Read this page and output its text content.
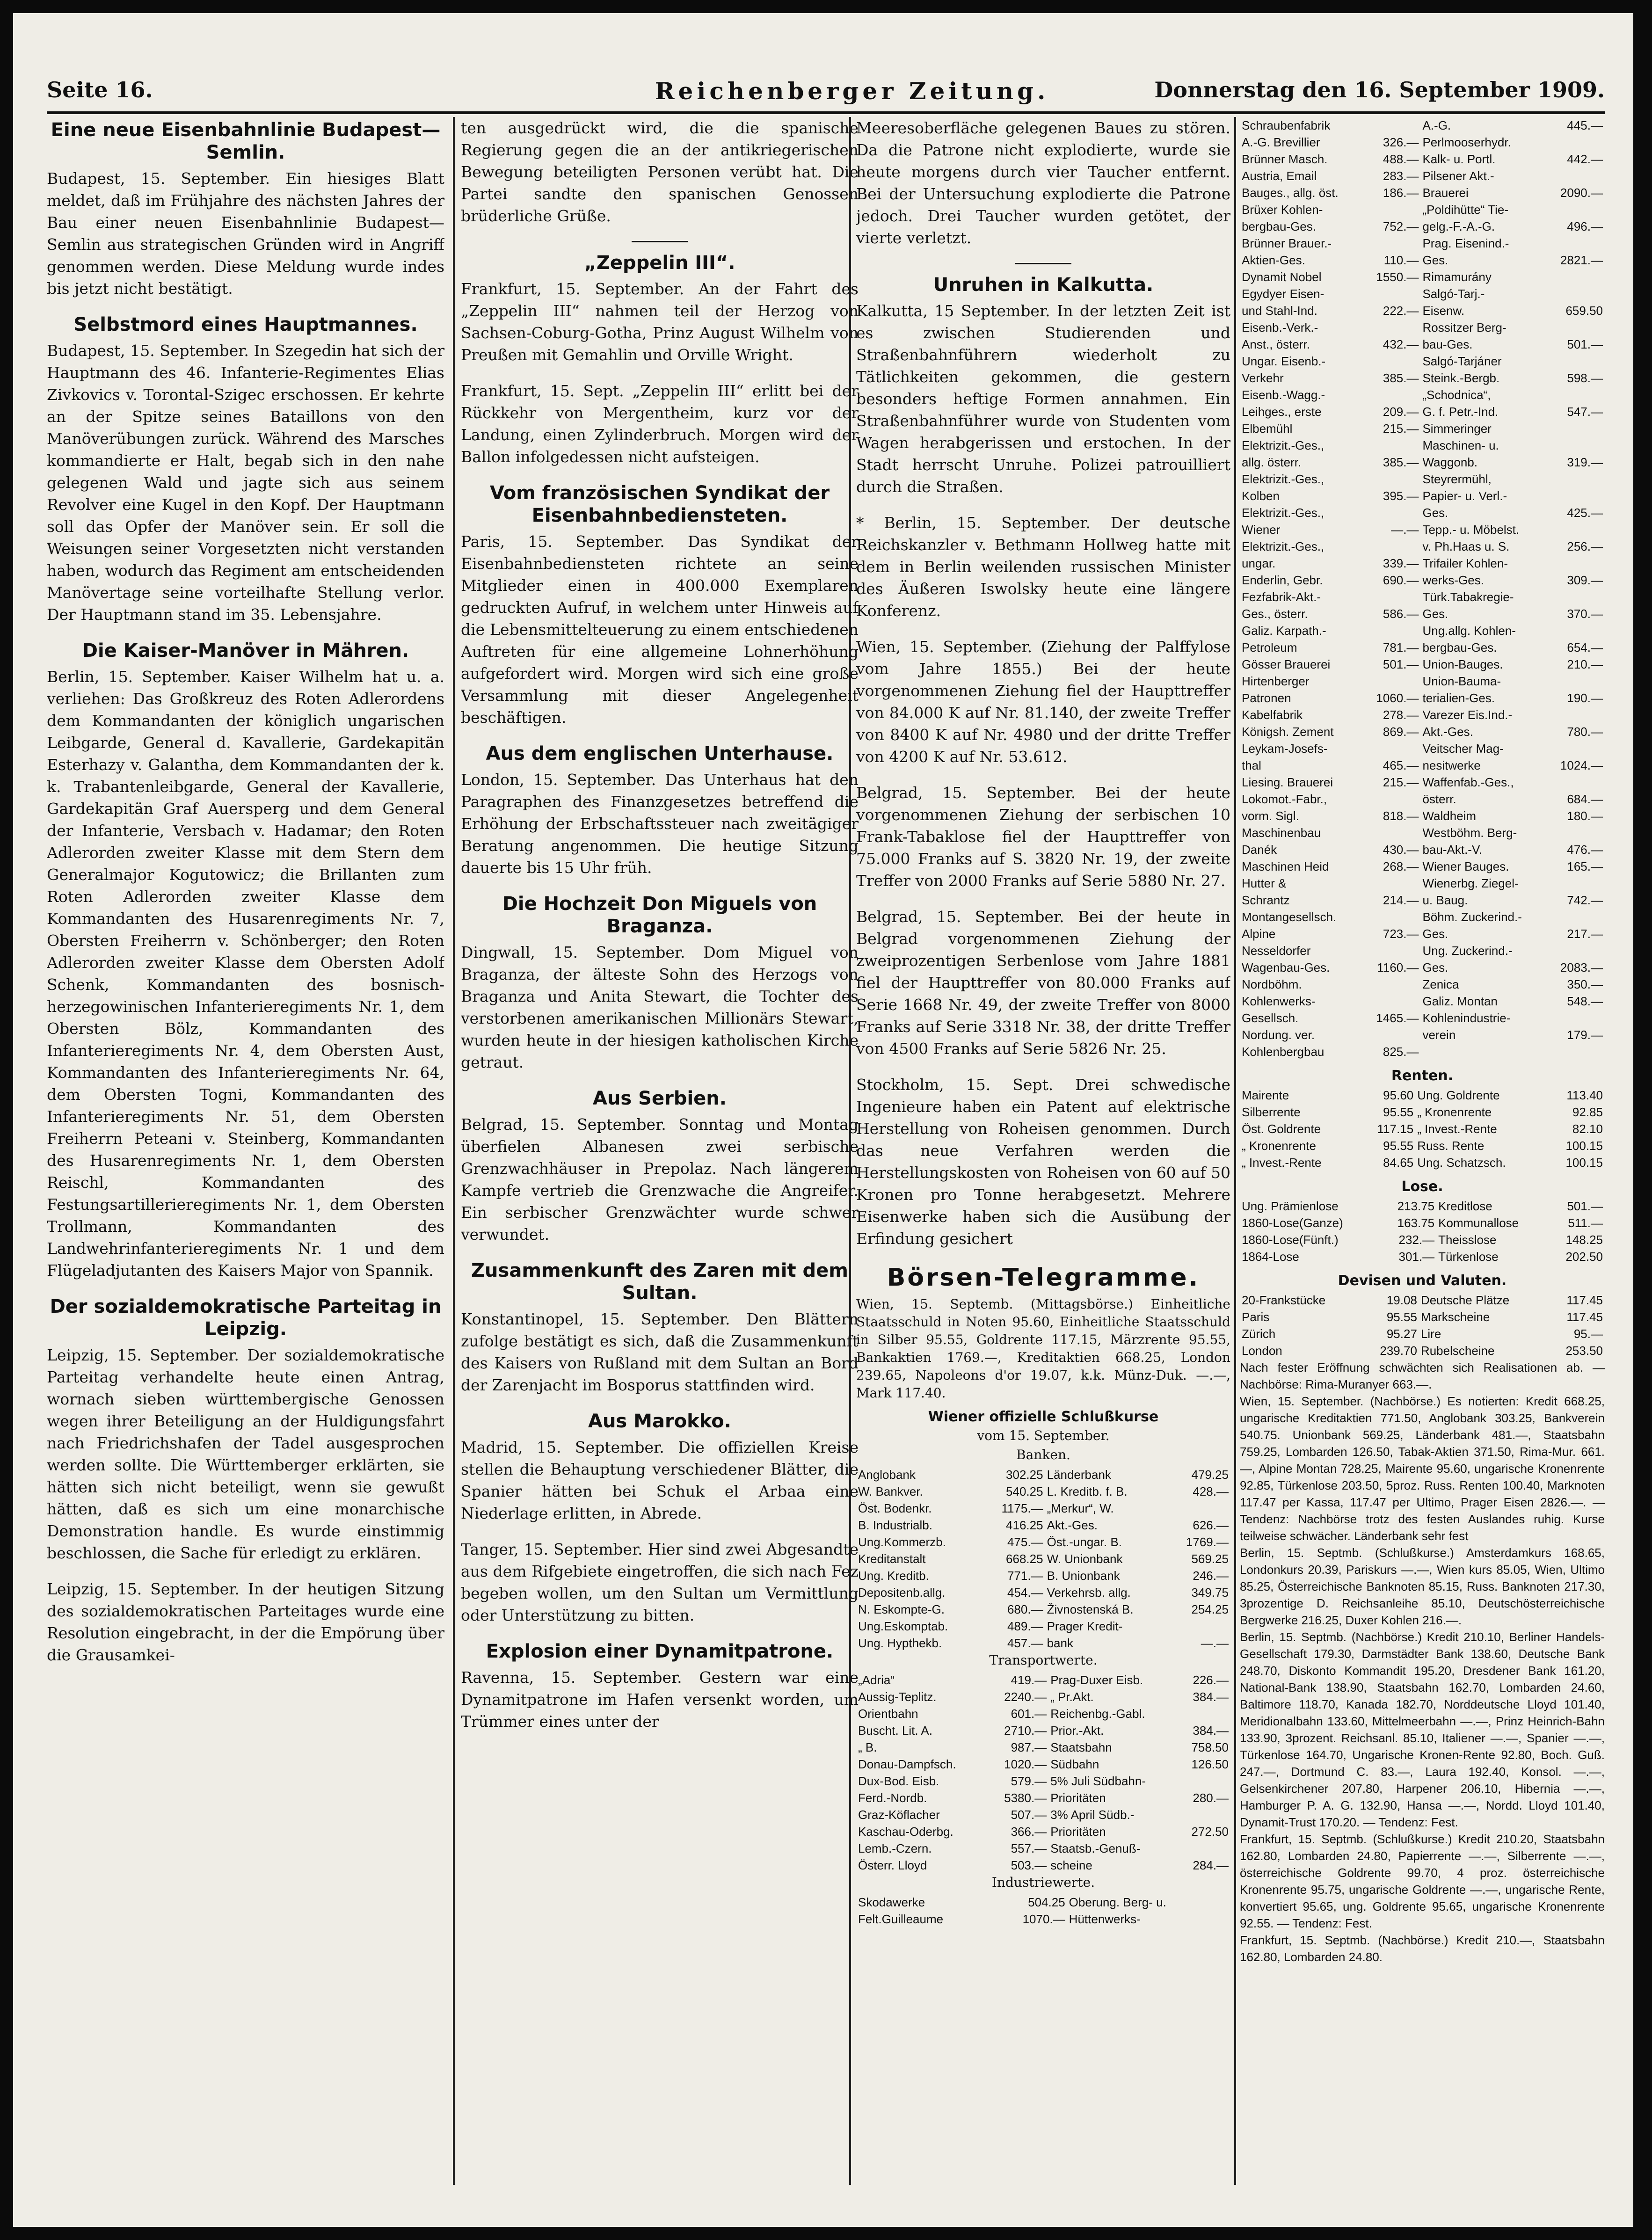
Seite 16.	Reichenberger Zeitung.	Donnerstag den 16. September 1909.
Eine neue Eisenbahnlinie Budapest—Semlin.

Budapest, 15. September. Ein hiesiges Blatt meldet, daß im Frühjahre des nächsten Jahres der Bau einer neuen Eisenbahnlinie Budapest—Semlin aus strategischen Gründen wird in Angriff genommen werden. Diese Meldung wurde indes bis jetzt nicht bestätigt.

Selbstmord eines Hauptmannes.

Budapest, 15. September. In Szegedin hat sich der Hauptmann des 46. Infanterie-Regimentes Elias Zivkovics v. Torontal-Szigec erschossen. Er kehrte an der Spitze seines Bataillons von den Manöverübungen zurück. Während des Marsches kommandierte er Halt, begab sich in den nahe gelegenen Wald und jagte sich aus seinem Revolver eine Kugel in den Kopf. Der Hauptmann soll das Opfer der Manöver sein. Er soll die Weisungen seiner Vorgesetzten nicht verstanden haben, wodurch das Regiment am entscheidenden Manövertage seine vorteilhafte Stellung verlor. Der Hauptmann stand im 35. Lebensjahre.

Die Kaiser-Manöver in Mähren.

Berlin, 15. September. Kaiser Wilhelm hat u. a. verliehen: Das Großkreuz des Roten Adlerordens dem Kommandanten der königlich ungarischen Leibgarde, General d. Kavallerie, Gardekapitän Esterhazy v. Galantha, dem Kommandanten der k. k. Trabantenleibgarde, General der Kavallerie, Gardekapitän Graf Auersperg und dem General der Infanterie, Versbach v. Hadamar; den Roten Adlerorden zweiter Klasse mit dem Stern dem Generalmajor Kogutowicz; die Brillanten zum Roten Adlerorden zweiter Klasse dem Kommandanten des Husarenregiments Nr. 7, Obersten Freiherrn v. Schönberger; den Roten Adlerorden zweiter Klasse dem Obersten Adolf Schenk, Kommandanten des bosnisch-herzegowinischen Infanterieregiments Nr. 1, dem Obersten Bölz, Kommandanten des Infanterieregiments Nr. 4, dem Obersten Aust, Kommandanten des Infanterieregiments Nr. 64, dem Obersten Togni, Kommandanten des Infanterieregiments Nr. 51, dem Obersten Freiherrn Peteani v. Steinberg, Kommandanten des Husarenregiments Nr. 1, dem Obersten Reischl, Kommandanten des Festungsartillerieregiments Nr. 1, dem Obersten Trollmann, Kommandanten des Landwehrinfanterieregiments Nr. 1 und dem Flügeladjutanten des Kaisers Major von Spannik.

Der sozialdemokratische Parteitag in Leipzig.

Leipzig, 15. September. Der sozialdemokratische Parteitag verhandelte heute einen Antrag, wornach sieben württembergische Genossen wegen ihrer Beteiligung an der Huldigungsfahrt nach Friedrichshafen der Tadel ausgesprochen werden sollte. Die Württemberger erklärten, sie hätten sich nicht beteiligt, wenn sie gewußt hätten, daß es sich um eine monarchische Demonstration handle. Es wurde einstimmig beschlossen, die Sache für erledigt zu erklären.

Leipzig, 15. September. In der heutigen Sitzung des sozialdemokratischen Parteitages wurde eine Resolution eingebracht, in der die Empörung über die Grausamkei-

ten ausgedrückt wird, die die spanische Regierung gegen die an der antikriegerischen Bewegung beteiligten Personen verübt hat. Die Partei sandte den spanischen Genossen brüderliche Grüße.

„Zeppelin III“.

Frankfurt, 15. September. An der Fahrt des „Zeppelin III“ nahmen teil der Herzog von Sachsen-Coburg-Gotha, Prinz August Wilhelm von Preußen mit Gemahlin und Orville Wright.

Frankfurt, 15. Sept. „Zeppelin III“ erlitt bei der Rückkehr von Mergentheim, kurz vor der Landung, einen Zylinderbruch. Morgen wird der Ballon infolgedessen nicht aufsteigen.

Vom französischen Syndikat der Eisenbahnbediensteten.

Paris, 15. September. Das Syndikat der Eisenbahnbediensteten richtete an seine Mitglieder einen in 400.000 Exemplaren gedruckten Aufruf, in welchem unter Hinweis auf die Lebensmittelteuerung zu einem entschiedenen Auftreten für eine allgemeine Lohnerhöhung aufgefordert wird. Morgen wird sich eine große Versammlung mit dieser Angelegenheit beschäftigen.

Aus dem englischen Unterhause.

London, 15. September. Das Unterhaus hat den Paragraphen des Finanzgesetzes betreffend die Erhöhung der Erbschaftssteuer nach zweitägiger Beratung angenommen. Die heutige Sitzung dauerte bis 15 Uhr früh.

Die Hochzeit Don Miguels von Braganza.

Dingwall, 15. September. Dom Miguel von Braganza, der älteste Sohn des Herzogs von Braganza und Anita Stewart, die Tochter des verstorbenen amerikanischen Millionärs Stewart, wurden heute in der hiesigen katholischen Kirche getraut.

Aus Serbien.

Belgrad, 15. September. Sonntag und Montag überfielen Albanesen zwei serbische Grenzwachhäuser in Prepolaz. Nach längerem Kampfe vertrieb die Grenzwache die Angreifer. Ein serbischer Grenzwächter wurde schwer verwundet.

Zusammenkunft des Zaren mit dem Sultan.

Konstantinopel, 15. September. Den Blättern zufolge bestätigt es sich, daß die Zusammenkunft des Kaisers von Rußland mit dem Sultan an Bord der Zarenjacht im Bosporus stattfinden wird.

Aus Marokko.

Madrid, 15. September. Die offiziellen Kreise stellen die Behauptung verschiedener Blätter, die Spanier hätten bei Schuk el Arbaa eine Niederlage erlitten, in Abrede.

Tanger, 15. September. Hier sind zwei Abgesandte aus dem Rifgebiete eingetroffen, die sich nach Fez begeben wollen, um den Sultan um Vermittlung oder Unterstützung zu bitten.

Explosion einer Dynamitpatrone.

Ravenna, 15. September. Gestern war eine Dynamitpatrone im Hafen versenkt worden, um Trümmer eines unter der

Meeresoberfläche gelegenen Baues zu stören. Da die Patrone nicht explodierte, wurde sie heute morgens durch vier Taucher entfernt. Bei der Untersuchung explodierte die Patrone jedoch. Drei Taucher wurden getötet, der vierte verletzt.

Unruhen in Kalkutta.

Kalkutta, 15 September. In der letzten Zeit ist es zwischen Studierenden und Straßenbahnführern wiederholt zu Tätlichkeiten gekommen, die gestern besonders heftige Formen annahmen. Ein Straßenbahnführer wurde von Studenten vom Wagen herabgerissen und erstochen. In der Stadt herrscht Unruhe. Polizei patrouilliert durch die Straßen.

* Berlin, 15. September. Der deutsche Reichskanzler v. Bethmann Hollweg hatte mit dem in Berlin weilenden russischen Minister des Äußeren Iswolsky heute eine längere Konferenz.

Wien, 15. September. (Ziehung der Palffylose vom Jahre 1855.) Bei der heute vorgenommenen Ziehung fiel der Haupttreffer von 84.000 K auf Nr. 81.140, der zweite Treffer von 8400 K auf Nr. 4980 und der dritte Treffer von 4200 K auf Nr. 53.612.

Belgrad, 15. September. Bei der heute vorgenommenen Ziehung der serbischen 10 Frank-Tabaklose fiel der Haupttreffer von 75.000 Franks auf S. 3820 Nr. 19, der zweite Treffer von 2000 Franks auf Serie 5880 Nr. 27.

Belgrad, 15. September. Bei der heute in Belgrad vorgenommenen Ziehung der zweiprozentigen Serbenlose vom Jahre 1881 fiel der Haupttreffer von 80.000 Franks auf Serie 1668 Nr. 49, der zweite Treffer von 8000 Franks auf Serie 3318 Nr. 38, der dritte Treffer von 4500 Franks auf Serie 5826 Nr. 25.

Stockholm, 15. Sept. Drei schwedische Ingenieure haben ein Patent auf elektrische Herstellung von Roheisen genommen. Durch das neue Verfahren werden die Herstellungskosten von Roheisen von 60 auf 50 Kronen pro Tonne herabgesetzt. Mehrere Eisenwerke haben sich die Ausübung der Erfindung gesichert

Börsen-Telegramme.

Wien, 15. Septemb. (Mittagsbörse.) Einheitliche Staatsschuld in Noten 95.60, Einheitliche Staatsschuld in Silber 95.55, Goldrente 117.15, Märzrente 95.55, Bankaktien 1769.—, Kreditaktien 668.25, London 239.65, Napoleons d'or 19.07, k.k. Münz-Duk. —.—, Mark 117.40.

Wiener offizielle Schlußkurse
vom 15. September.
Banken.
Anglobank	302.25	Länderbank	479.25
W. Bankver.	540.25	L. Kreditb. f. B.	428.—
Öst. Bodenkr.	1175.—	„Merkur“, W.	
B. Industrialb.	416.25	Akt.-Ges.	626.—
Ung.Kommerzb.	475.—	Öst.-ungar. B.	1769.—
Kreditanstalt	668.25	W. Unionbank	569.25
Ung. Kreditb.	771.—	B. Unionbank	246.—
Depositenb.allg.	454.—	Verkehrsb. allg.	349.75
N. Eskompte-G.	680.—	Živnostenská B.	254.25
Ung.Eskomptab.	489.—	Prager Kredit-	
Ung. Hypthekb.	457.—	bank	—.—
Transportwerte.
„Adria“	419.—	Prag-Duxer Eisb.	226.—
Aussig-Teplitz.	2240.—	„ Pr.Akt.	384.—
Orientbahn	601.—	Reichenbg.-Gabl.	
Buscht. Lit. A.	2710.—	Prior.-Akt.	384.—
„ B.	987.—	Staatsbahn	758.50
Donau-Dampfsch.	1020.—	Südbahn	126.50
Dux-Bod. Eisb.	579.—	5% Juli Südbahn-	
Ferd.-Nordb.	5380.—	Prioritäten	280.—
Graz-Köflacher	507.—	3% April Südb.-	
Kaschau-Oderbg.	366.—	Prioritäten	272.50
Lemb.-Czern.	557.—	Staatsb.-Genuß-	
Österr. Lloyd	503.—	scheine	284.—
Industriewerte.
Skodawerke	504.25	Oberung. Berg- u.	
Felt.Guilleaume	1070.—	Hüttenwerks-	
Schraubenfabrik		A.-G.	445.—
A.-G. Brevillier	326.—	Perlmooserhydr.	
Brünner Masch.	488.—	Kalk- u. Portl.	442.—
Austria, Email	283.—	Pilsener Akt.-	
Bauges., allg. öst.	186.—	Brauerei	2090.—
Brüxer Kohlen-		„Poldihütte“ Tie-	
bergbau-Ges.	752.—	gelg.-F.-A.-G.	496.—
Brünner Brauer.-		Prag. Eisenind.-	
Aktien-Ges.	110.—	Ges.	2821.—
Dynamit Nobel	1550.—	Rimamurány	
Egydyer Eisen-		Salgó-Tarj.-	
und Stahl-Ind.	222.—	Eisenw.	659.50
Eisenb.-Verk.-		Rossitzer Berg-	
Anst., österr.	432.—	bau-Ges.	501.—
Ungar. Eisenb.-		Salgó-Tarjáner	
Verkehr	385.—	Steink.-Bergb.	598.—
Eisenb.-Wagg.-		„Schodnica“,	
Leihges., erste	209.—	G. f. Petr.-Ind.	547.—
Elbemühl	215.—	Simmeringer	
Elektrizit.-Ges.,		Maschinen- u.	
allg. österr.	385.—	Waggonb.	319.—
Elektrizit.-Ges.,		Steyrermühl,	
Kolben	395.—	Papier- u. Verl.-	
Elektrizit.-Ges.,		Ges.	425.—
Wiener	—.—	Tepp.- u. Möbelst.	
Elektrizit.-Ges.,		v. Ph.Haas u. S.	256.—
ungar.	339.—	Trifailer Kohlen-	
Enderlin, Gebr.	690.—	werks-Ges.	309.—
Fezfabrik-Akt.-		Türk.Tabakregie-	
Ges., österr.	586.—	Ges.	370.—
Galiz. Karpath.-		Ung.allg. Kohlen-	
Petroleum	781.—	bergbau-Ges.	654.—
Gösser Brauerei	501.—	Union-Bauges.	210.—
Hirtenberger		Union-Bauma-	
Patronen	1060.—	terialien-Ges.	190.—
Kabelfabrik	278.—	Varezer Eis.Ind.-	
Königsh. Zement	869.—	Akt.-Ges.	780.—
Leykam-Josefs-		Veitscher Mag-	
thal	465.—	nesitwerke	1024.—
Liesing. Brauerei	215.—	Waffenfab.-Ges.,	
Lokomot.-Fabr.,		österr.	684.—
vorm. Sigl.	818.—	Waldheim	180.—
Maschinenbau		Westböhm. Berg-	
Danék	430.—	bau-Akt.-V.	476.—
Maschinen Heid	268.—	Wiener Bauges.	165.—
Hutter &		Wienerbg. Ziegel-	
Schrantz	214.—	u. Baug.	742.—
Montangesellsch.		Böhm. Zuckerind.-	
Alpine	723.—	Ges.	217.—
Nesseldorfer		Ung. Zuckerind.-	
Wagenbau-Ges.	1160.—	Ges.	2083.—
Nordböhm.		Zenica	350.—
Kohlenwerks-		Galiz. Montan	548.—
Gesellsch.	1465.—	Kohlenindustrie-	
Nordung. ver.		verein	179.—
Kohlenbergbau	825.—		
Renten.
Mairente	95.60	Ung. Goldrente	113.40
Silberrente	95.55	„ Kronenrente	92.85
Öst. Goldrente	117.15	„ Invest.-Rente	82.10
„ Kronenrente	95.55	Russ. Rente	100.15
„ Invest.-Rente	84.65	Ung. Schatzsch.	100.15
Lose.
Ung. Prämienlose	213.75	Kreditlose	501.—
1860-Lose(Ganze)	163.75	Kommunallose	511.—
1860-Lose(Fünft.)	232.—	Theisslose	148.25
1864-Lose	301.—	Türkenlose	202.50
Devisen und Valuten.
20-Frankstücke	19.08	Deutsche Plätze	117.45
Paris	95.55	Markscheine	117.45
Zürich	95.27	Lire	95.—
London	239.70	Rubelscheine	253.50

Nach fester Eröffnung schwächten sich Realisationen ab. — Nachbörse: Rima-Muranyer 663.—.

Wien, 15. September. (Nachbörse.) Es notierten: Kredit 668.25, ungarische Kreditaktien 771.50, Anglobank 303.25, Bankverein 540.75. Unionbank 569.25, Länderbank 481.—, Staatsbahn 759.25, Lombarden 126.50, Tabak-Aktien 371.50, Rima-Mur. 661.—, Alpine Montan 728.25, Mairente 95.60, ungarische Kronenrente 92.85, Türkenlose 203.50, 5proz. Russ. Renten 100.40, Marknoten 117.47 per Kassa, 117.47 per Ultimo, Prager Eisen 2826.—. — Tendenz: Nachbörse trotz des festen Auslandes ruhig. Kurse teilweise schwächer. Länderbank sehr fest

Berlin, 15. Septmb. (Schlußkurse.) Amsterdamkurs 168.65, Londonkurs 20.39, Pariskurs —.—, Wien kurs 85.05, Wien, Ultimo 85.25, Österreichische Banknoten 85.15, Russ. Banknoten 217.30, 3prozentige D. Reichsanleihe 85.10, Deutschösterreichische Bergwerke 216.25, Duxer Kohlen 216.—.

Berlin, 15. Septmb. (Nachbörse.) Kredit 210.10, Berliner Handels-Gesellschaft 179.30, Darmstädter Bank 138.60, Deutsche Bank 248.70, Diskonto Kommandit 195.20, Dresdener Bank 161.20, National-Bank 138.90, Staatsbahn 162.70, Lombarden 24.60, Baltimore 118.70, Kanada 182.70, Norddeutsche Lloyd 101.40, Meridionalbahn 133.60, Mittelmeerbahn —.—, Prinz Heinrich-Bahn 133.90, 3prozent. Reichsanl. 85.10, Italiener —.—, Spanier —.—, Türkenlose 164.70, Ungarische Kronen-Rente 92.80, Boch. Guß. 247.—, Dortmund C. 83.—, Laura 192.40, Konsol. —.—, Gelsenkirchener 207.80, Harpener 206.10, Hibernia —.—, Hamburger P. A. G. 132.90, Hansa —.—, Nordd. Lloyd 101.40, Dynamit-Trust 170.20. — Tendenz: Fest.

Frankfurt, 15. Septmb. (Schlußkurse.) Kredit 210.20, Staatsbahn 162.80, Lombarden 24.80, Papierrente —.—, Silberrente —.—, österreichische Goldrente 99.70, 4 proz. österreichische Kronenrente 95.75, ungarische Goldrente —.—, ungarische Rente, konvertiert 95.65, ung. Goldrente 95.65, ungarische Kronenrente 92.55. — Tendenz: Fest.

Frankfurt, 15. Septmb. (Nachbörse.) Kredit 210.—, Staatsbahn 162.80, Lombarden 24.80.
